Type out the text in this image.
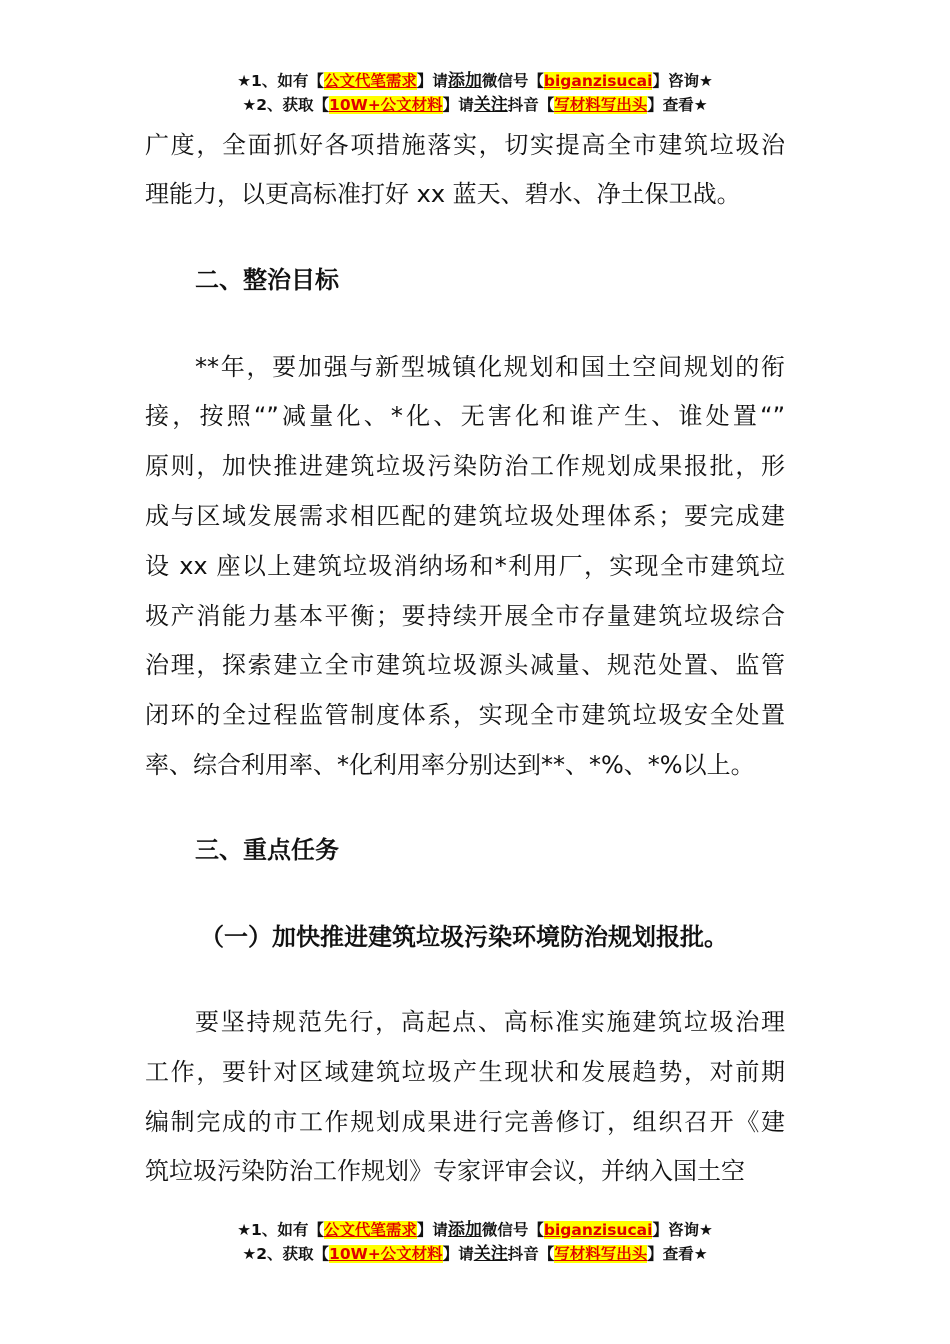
★1、如有【公文代笔需求】请添加微信号【biganzisucai】咨询★
★2、获取【10W+公文材料】请关注抖音【写材料写出头】查看★
★1、如有【公文代笔需求】请添加微信号【biganzisucai】咨询★
★2、获取【10W+公文材料】请关注抖音【写材料写出头】查看★
广度，全面抓好各项措施落实，切实提高全市建筑垃圾治
理能力，以更高标准打好 xx 蓝天、碧水、净土保卫战。
**年，要加强与新型城镇化规划和国土空间规划的衔
接，按照“”减量化、*化、无害化和谁产生、谁处置“”
原则，加快推进建筑垃圾污染防治工作规划成果报批，形
成与区域发展需求相匹配的建筑垃圾处理体系；要完成建
设 xx 座以上建筑垃圾消纳场和*利用厂，实现全市建筑垃
圾产消能力基本平衡；要持续开展全市存量建筑垃圾综合
治理，探索建立全市建筑垃圾源头减量、规范处置、监管
闭环的全过程监管制度体系，实现全市建筑垃圾安全处置
率、综合利用率、*化利用率分别达到**、*%、*%以上。
要坚持规范先行，高起点、高标准实施建筑垃圾治理
工作，要针对区域建筑垃圾产生现状和发展趋势，对前期
编制完成的市工作规划成果进行完善修订，组织召开《建
筑垃圾污染防治工作规划》专家评审会议，并纳入国土空
二、整治目标
三、重点任务
（一）加快推进建筑垃圾污染环境防治规划报批。
